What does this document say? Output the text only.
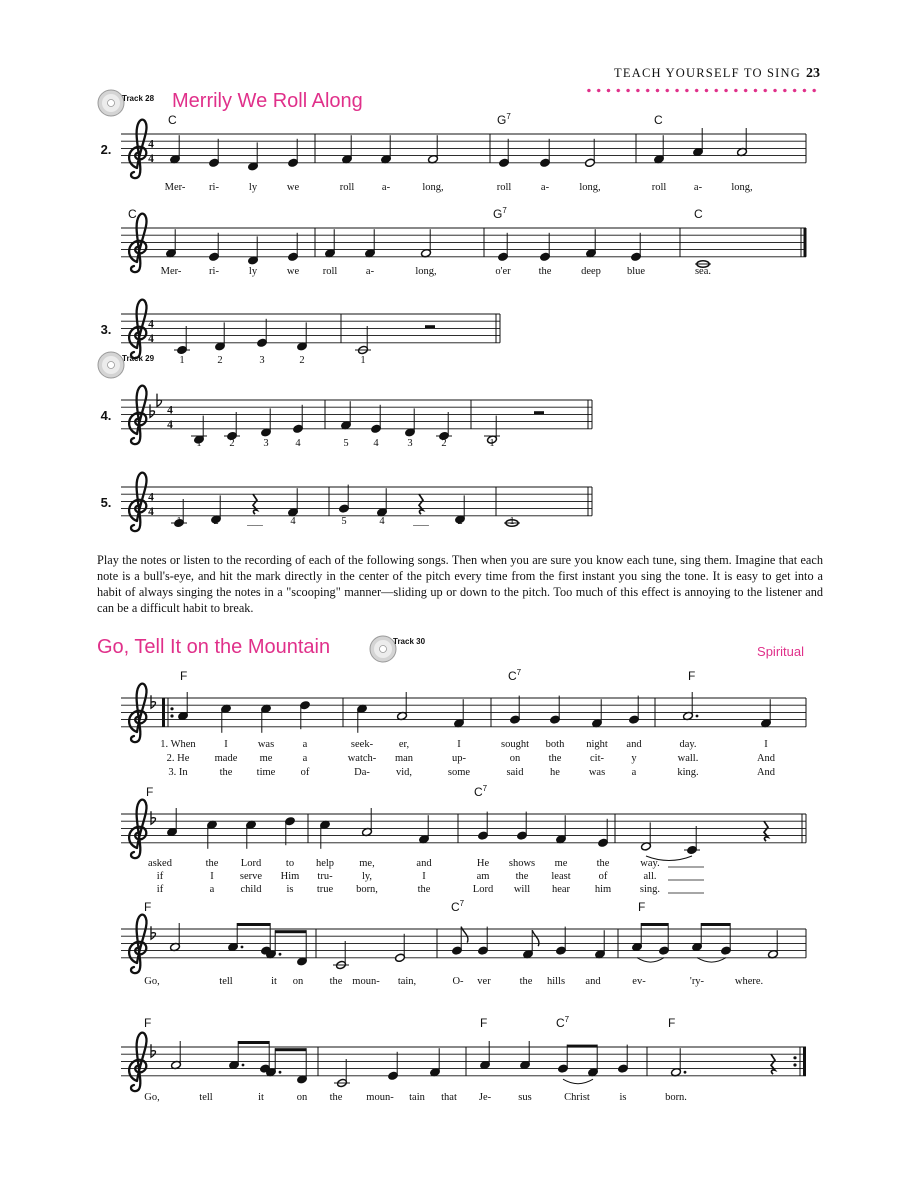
TEACH YOURSELF TO SING 23
Track 28 Merrily We Roll Along
Track 29
Play the notes or listen to the recording of each of the following songs. Then when you are sure you know each tune, sing them. Imagine that each note is a bull's-eye, and hit the mark directly in the center of the pitch every time from the first instant you sing the tone. It is easy to get into a habit of always singing the notes in a "scooping" manner—sliding up or down to the pitch. Too much of this effect is annoying to the listener and can be a difficult habit to break.
Go, Tell It on the Mountain	Track 30
Spiritual
4
4
2.
C	$G^7$	C
Mer- ri-	ly	we	roll	a-	long,	roll	a-	long,	roll	a-	long,
C	$G^7$	C
Mer-	ri-	ly	we roll	a-	long,	o'er	the	deep blue	sea.
4
4
3.
1	2	3	2	1
4
4
4.
1	2	3	4	5 4	3	2	1
4
4
5.
1	2	___	4	5	4	___	2	1
F	$C^7$	F
1. When	I	was	a	seek- er,	I	sought both night and	day.	I
2. He made me	a	watch- man	up-	on	the	cit-	y	wall.	And
3. In	the time of	Da- vid,	some	said	he	was	a	king.	And
F	$C^7$
asked	the Lord to help me,	and	He shows me	the	way.
if	I serve Him tru-	ly,	I	am the least	of	all.
if	a child is true born,	the	Lord will hear him	sing.
F	$C^7$	F
Go,	tell	it on	the moun- tain,	O- ver	the hills and	ev-	'ry-	where.
F	F	$C^7$	F
Go,	tell	it	on the moun- tain that Je-	sus	Christ	is	born.
